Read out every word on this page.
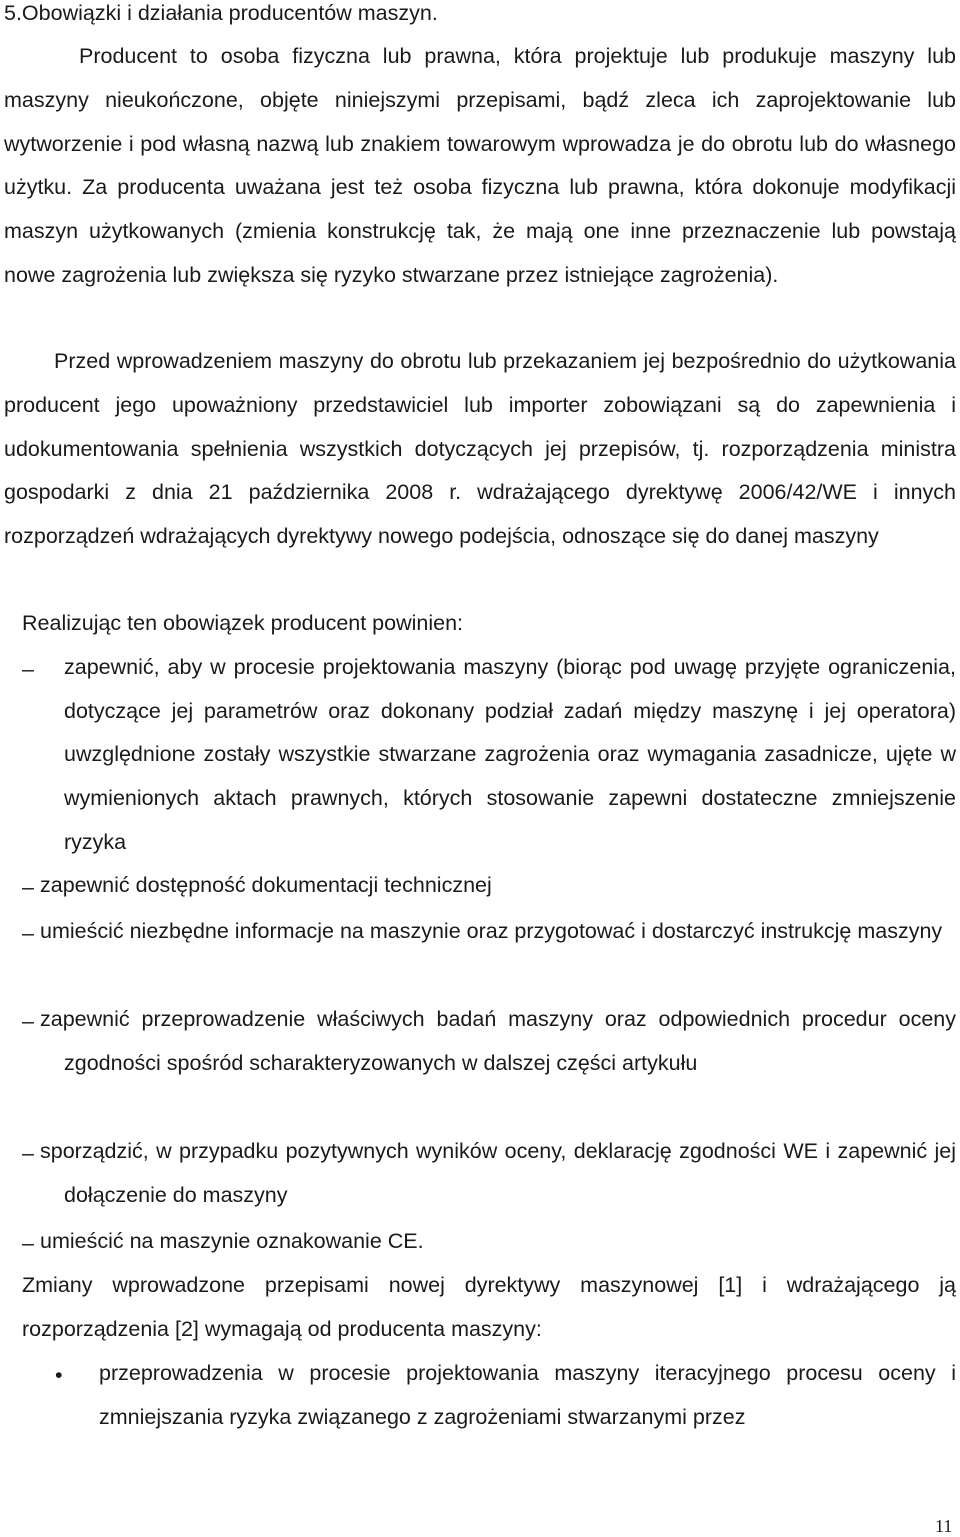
5.Obowiązki i działania producentów maszyn.

Producent to osoba fizyczna lub prawna, która projektuje lub produkuje maszyny lub maszyny nieukończone, objęte niniejszymi przepisami, bądź zleca ich zaprojektowanie lub wytworzenie i pod własną nazwą lub znakiem towarowym wprowadza je do obrotu lub do własnego użytku. Za producenta uważana jest też osoba fizyczna lub prawna, która dokonuje modyfikacji maszyn użytkowanych (zmienia konstrukcję tak, że mają one inne przeznaczenie lub powstają nowe zagrożenia lub zwiększa się ryzyko stwarzane przez istniejące zagrożenia).

Przed wprowadzeniem maszyny do obrotu lub przekazaniem jej bezpośrednio do użytkowania producent jego upoważniony przedstawiciel lub importer zobowiązani są do zapewnienia i udokumentowania spełnienia wszystkich dotyczących jej przepisów, tj. rozporządzenia ministra gospodarki z dnia 21 października 2008 r. wdrażającego dyrektywę 2006/42/WE i innych rozporządzeń wdrażających dyrektywy nowego podejścia, odnoszące się do danej maszyny

Realizując ten obowiązek producent powinien:
–	zapewnić, aby w procesie projektowania maszyny (biorąc pod uwagę przyjęte ograniczenia, dotyczące jej parametrów oraz dokonany podział zadań między maszynę i jej operatora) uwzględnione zostały wszystkie stwarzane zagrożenia oraz wymagania zasadnicze, ujęte w wymienionych aktach prawnych, których stosowanie zapewni dostateczne zmniejszenie ryzyka

– zapewnić dostępność dokumentacji technicznej

– umieścić niezbędne informacje na maszynie oraz przygotować i dostarczyć instrukcję maszyny

– zapewnić przeprowadzenie właściwych badań maszyny oraz odpowiednich procedur oceny zgodności spośród scharakteryzowanych w dalszej części artykułu

– sporządzić, w przypadku pozytywnych wyników oceny, deklarację zgodności WE i zapewnić jej dołączenie do maszyny

– umieścić na maszynie oznakowanie CE.

Zmiany wprowadzone przepisami nowej dyrektywy maszynowej [1] i wdrażającego ją rozporządzenia [2] wymagają od producenta maszyny:

• przeprowadzenia w procesie projektowania maszyny iteracyjnego procesu oceny i zmniejszania ryzyka związanego z zagrożeniami stwarzanymi przez

11
